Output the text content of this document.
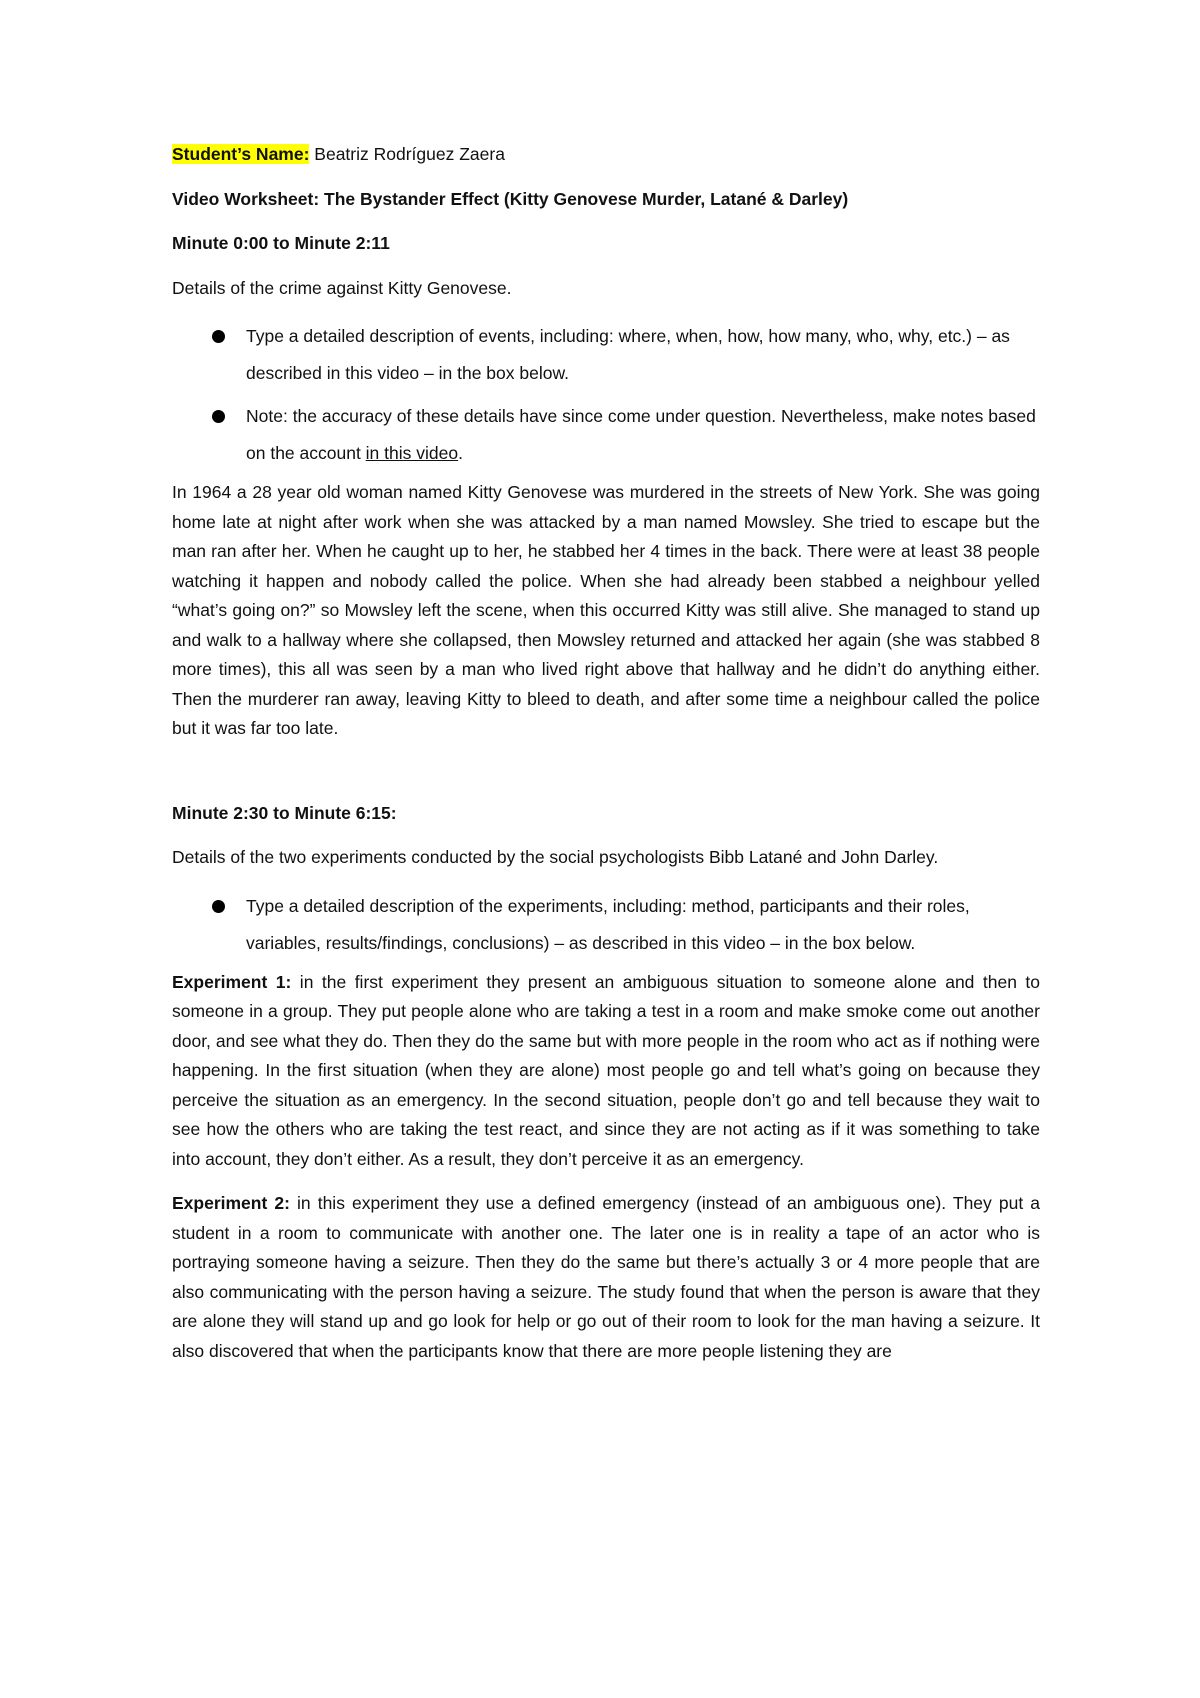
Student’s Name: Beatriz Rodríguez Zaera

Video Worksheet: The Bystander Effect (Kitty Genovese Murder, Latané & Darley)

Minute 0:00 to Minute 2:11

Details of the crime against Kitty Genovese.

Type a detailed description of events, including: where, when, how, how many, who, why, etc.) – as described in this video – in the box below.
Note: the accuracy of these details have since come under question. Nevertheless, make notes based on the account in this video.

In 1964 a 28 year old woman named Kitty Genovese was murdered in the streets of New York. She was going home late at night after work when she was attacked by a man named Mowsley. She tried to escape but the man ran after her. When he caught up to her, he stabbed her 4 times in the back. There were at least 38 people watching it happen and nobody called the police. When she had already been stabbed a neighbour yelled “what’s going on?” so Mowsley left the scene, when this occurred Kitty was still alive. She managed to stand up and walk to a hallway where she collapsed, then Mowsley returned and attacked her again (she was stabbed 8 more times), this all was seen by a man who lived right above that hallway and he didn’t do anything either. Then the murderer ran away, leaving Kitty to bleed to death, and after some time a neighbour called the police but it was far too late.

Minute 2:30 to Minute 6:15:

Details of the two experiments conducted by the social psychologists Bibb Latané and John Darley.

Type a detailed description of the experiments, including: method, participants and their roles, variables, results/findings, conclusions) – as described in this video – in the box below.

Experiment 1: in the first experiment they present an ambiguous situation to someone alone and then to someone in a group. They put people alone who are taking a test in a room and make smoke come out another door, and see what they do. Then they do the same but with more people in the room who act as if nothing were happening. In the first situation (when they are alone) most people go and tell what’s going on because they perceive the situation as an emergency. In the second situation, people don’t go and tell because they wait to see how the others who are taking the test react, and since they are not acting as if it was something to take into account, they don’t either. As a result, they don’t perceive it as an emergency.

Experiment 2: in this experiment they use a defined emergency (instead of an ambiguous one). They put a student in a room to communicate with another one. The later one is in reality a tape of an actor who is portraying someone having a seizure. Then they do the same but there’s actually 3 or 4 more people that are also communicating with the person having a seizure. The study found that when the person is aware that they are alone they will stand up and go look for help or go out of their room to look for the man having a seizure. It also discovered that when the participants know that there are more people listening they are
